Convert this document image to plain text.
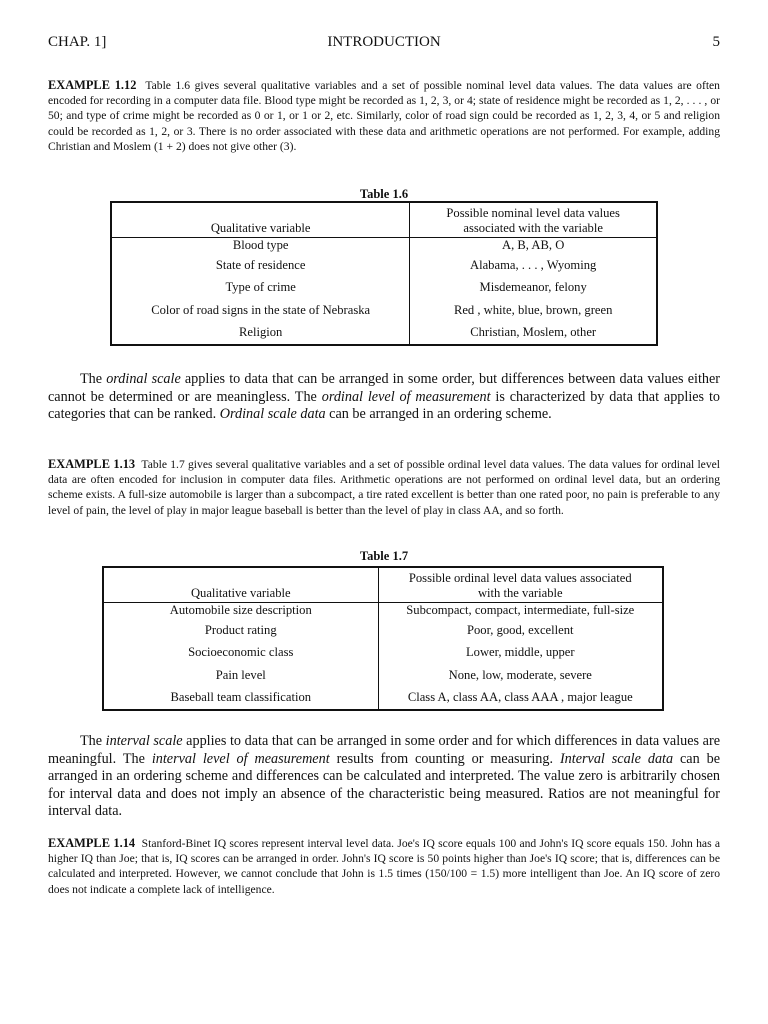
CHAP. 1]	INTRODUCTION	5
EXAMPLE 1.12 Table 1.6 gives several qualitative variables and a set of possible nominal level data values. The data values are often encoded for recording in a computer data file. Blood type might be recorded as 1, 2, 3, or 4; state of residence might be recorded as 1, 2, . . . , or 50; and type of crime might be recorded as 0 or 1, or 1 or 2, etc. Similarly, color of road sign could be recorded as 1, 2, 3, 4, or 5 and religion could be recorded as 1, 2, or 3. There is no order associated with these data and arithmetic operations are not performed. For example, adding Christian and Moslem (1 + 2) does not give other (3).
Table 1.6
Qualitative variable	Possible nominal level data values
associated with the variable
Blood type	A, B, AB, O
State of residence	Alabama, . . . , Wyoming
Type of crime	Misdemeanor, felony
Color of road signs in the state of Nebraska	Red , white, blue, brown, green
Religion	Christian, Moslem, other
The ordinal scale applies to data that can be arranged in some order, but differences between data values either cannot be determined or are meaningless. The ordinal level of measurement is characterized by data that applies to categories that can be ranked. Ordinal scale data can be arranged in an ordering scheme.
EXAMPLE 1.13 Table 1.7 gives several qualitative variables and a set of possible ordinal level data values. The data values for ordinal level data are often encoded for inclusion in computer data files. Arithmetic operations are not performed on ordinal level data, but an ordering scheme exists. A full-size automobile is larger than a subcompact, a tire rated excellent is better than one rated poor, no pain is preferable to any level of pain, the level of play in major league baseball is better than the level of play in class AA, and so forth.
Table 1.7
Qualitative variable	Possible ordinal level data values associated
with the variable
Automobile size description	Subcompact, compact, intermediate, full-size
Product rating	Poor, good, excellent
Socioeconomic class	Lower, middle, upper
Pain level	None, low, moderate, severe
Baseball team classification	Class A, class AA, class AAA , major league
The interval scale applies to data that can be arranged in some order and for which differences in data values are meaningful. The interval level of measurement results from counting or measuring. Interval scale data can be arranged in an ordering scheme and differences can be calculated and interpreted. The value zero is arbitrarily chosen for interval data and does not imply an absence of the characteristic being measured. Ratios are not meaningful for interval data.
EXAMPLE 1.14 Stanford-Binet IQ scores represent interval level data. Joe's IQ score equals 100 and John's IQ score equals 150. John has a higher IQ than Joe; that is, IQ scores can be arranged in order. John's IQ score is 50 points higher than Joe's IQ score; that is, differences can be calculated and interpreted. However, we cannot conclude that John is 1.5 times (150/100 = 1.5) more intelligent than Joe. An IQ score of zero does not indicate a complete lack of intelligence.
